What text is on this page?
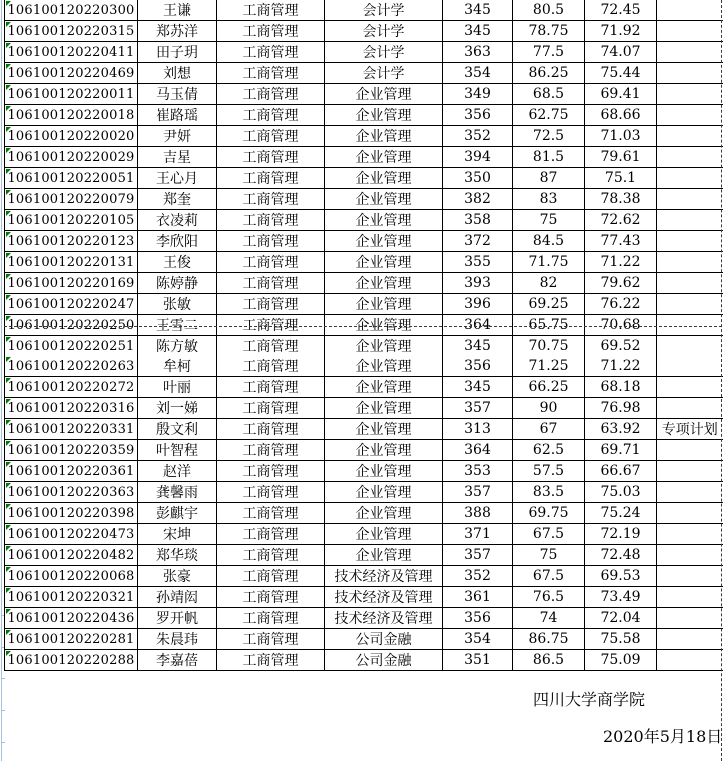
106100120220300	王谦	工商管理	会计学	345	80.5	72.45	

106100120220315	郑苏洋	工商管理	会计学	345	78.75	71.92	

106100120220411	田子玥	工商管理	会计学	363	77.5	74.07	

106100120220469	刘想	工商管理	会计学	354	86.25	75.44	

106100120220011	马玉倩	工商管理	企业管理	349	68.5	69.41	

106100120220018	崔路瑶	工商管理	企业管理	356	62.75	68.66	

106100120220020	尹妍	工商管理	企业管理	352	72.5	71.03	

106100120220029	吉星	工商管理	企业管理	394	81.5	79.61	

106100120220051	王心月	工商管理	企业管理	350	87	75.1	

106100120220079	郑奎	工商管理	企业管理	382	83	78.38	

106100120220105	衣凌莉	工商管理	企业管理	358	75	72.62	

106100120220123	李欣阳	工商管理	企业管理	372	84.5	77.43	

106100120220131	王俊	工商管理	企业管理	355	71.75	71.22	

106100120220169	陈婷静	工商管理	企业管理	393	82	79.62	

106100120220247	张敏	工商管理	企业管理	396	69.25	76.22	

106100120220250	王雪二	工商管理	企业管理	364	65.75	70.68	

106100120220251	陈方敏	工商管理	企业管理	345	70.75	69.52	

106100120220263	牟柯	工商管理	企业管理	356	71.25	71.22	

106100120220272	叶丽	工商管理	企业管理	345	66.25	68.18	

106100120220316	刘一娣	工商管理	企业管理	357	90	76.98	

106100120220331	殷文利	工商管理	企业管理	313	67	63.92	专项计划

106100120220359	叶智程	工商管理	企业管理	364	62.5	69.71	

106100120220361	赵洋	工商管理	企业管理	353	57.5	66.67	

106100120220363	龚馨雨	工商管理	企业管理	357	83.5	75.03	

106100120220398	彭麒宇	工商管理	企业管理	388	69.75	75.24	

106100120220473	宋坤	工商管理	企业管理	371	67.5	72.19	

106100120220482	郑华琰	工商管理	企业管理	357	75	72.48	

106100120220068	张豪	工商管理	技术经济及管理	352	67.5	69.53	

106100120220321	孙靖闳	工商管理	技术经济及管理	361	76.5	73.49	

106100120220436	罗开帆	工商管理	技术经济及管理	356	74	72.04	

106100120220281	朱晨玮	工商管理	公司金融	354	86.75	75.58	

106100120220288	李嘉蓓	工商管理	公司金融	351	86.5	75.09	
四川大学商学院
2020年5月18日
